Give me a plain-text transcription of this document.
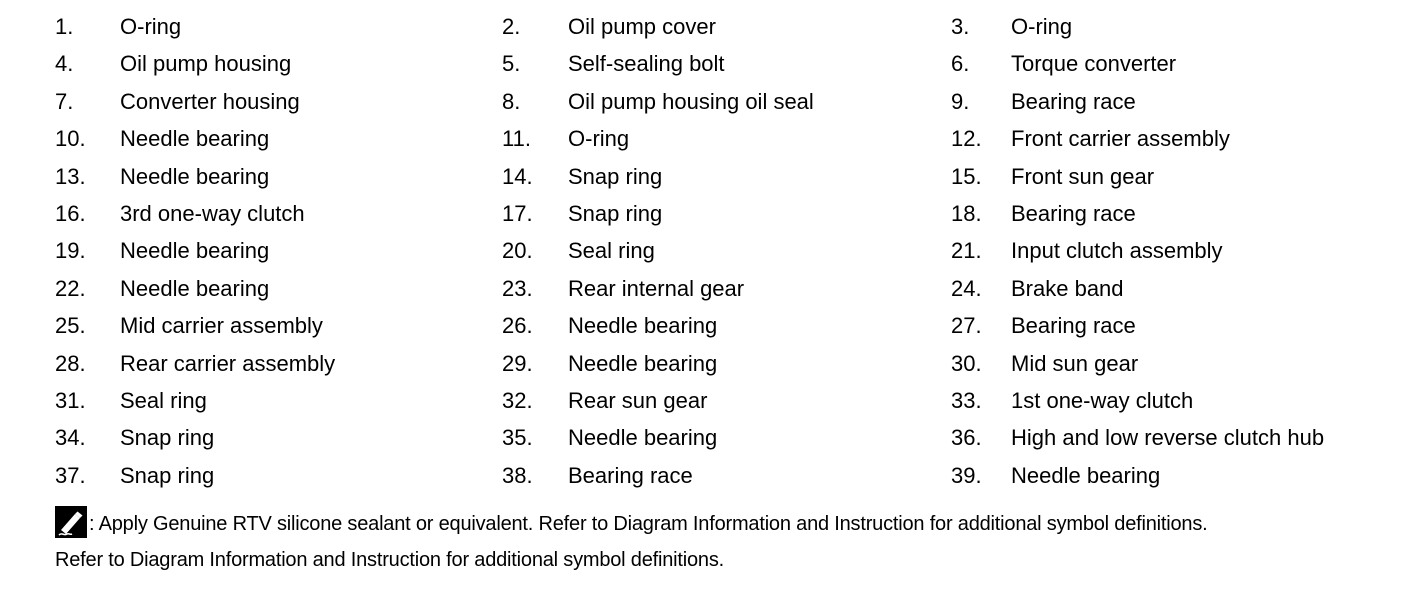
1. O-ring	2. Oil pump cover	3. O-ring
4. Oil pump housing	5. Self-sealing bolt	6. Torque converter
7. Converter housing	8. Oil pump housing oil seal	9. Bearing race
10. Needle bearing	11. O-ring	12. Front carrier assembly
13. Needle bearing	14. Snap ring	15. Front sun gear
16. 3rd one-way clutch	17. Snap ring	18. Bearing race
19. Needle bearing	20. Seal ring	21. Input clutch assembly
22. Needle bearing	23. Rear internal gear	24. Brake band
25. Mid carrier assembly	26. Needle bearing	27. Bearing race
28. Rear carrier assembly	29. Needle bearing	30. Mid sun gear
31. Seal ring	32. Rear sun gear	33. 1st one-way clutch
34. Snap ring	35. Needle bearing	36. High and low reverse clutch hub
37. Snap ring	38. Bearing race	39. Needle bearing
: Apply Genuine RTV silicone sealant or equivalent. Refer to Diagram Information and Instruction for additional symbol definitions.
Refer to Diagram Information and Instruction for additional symbol definitions.
